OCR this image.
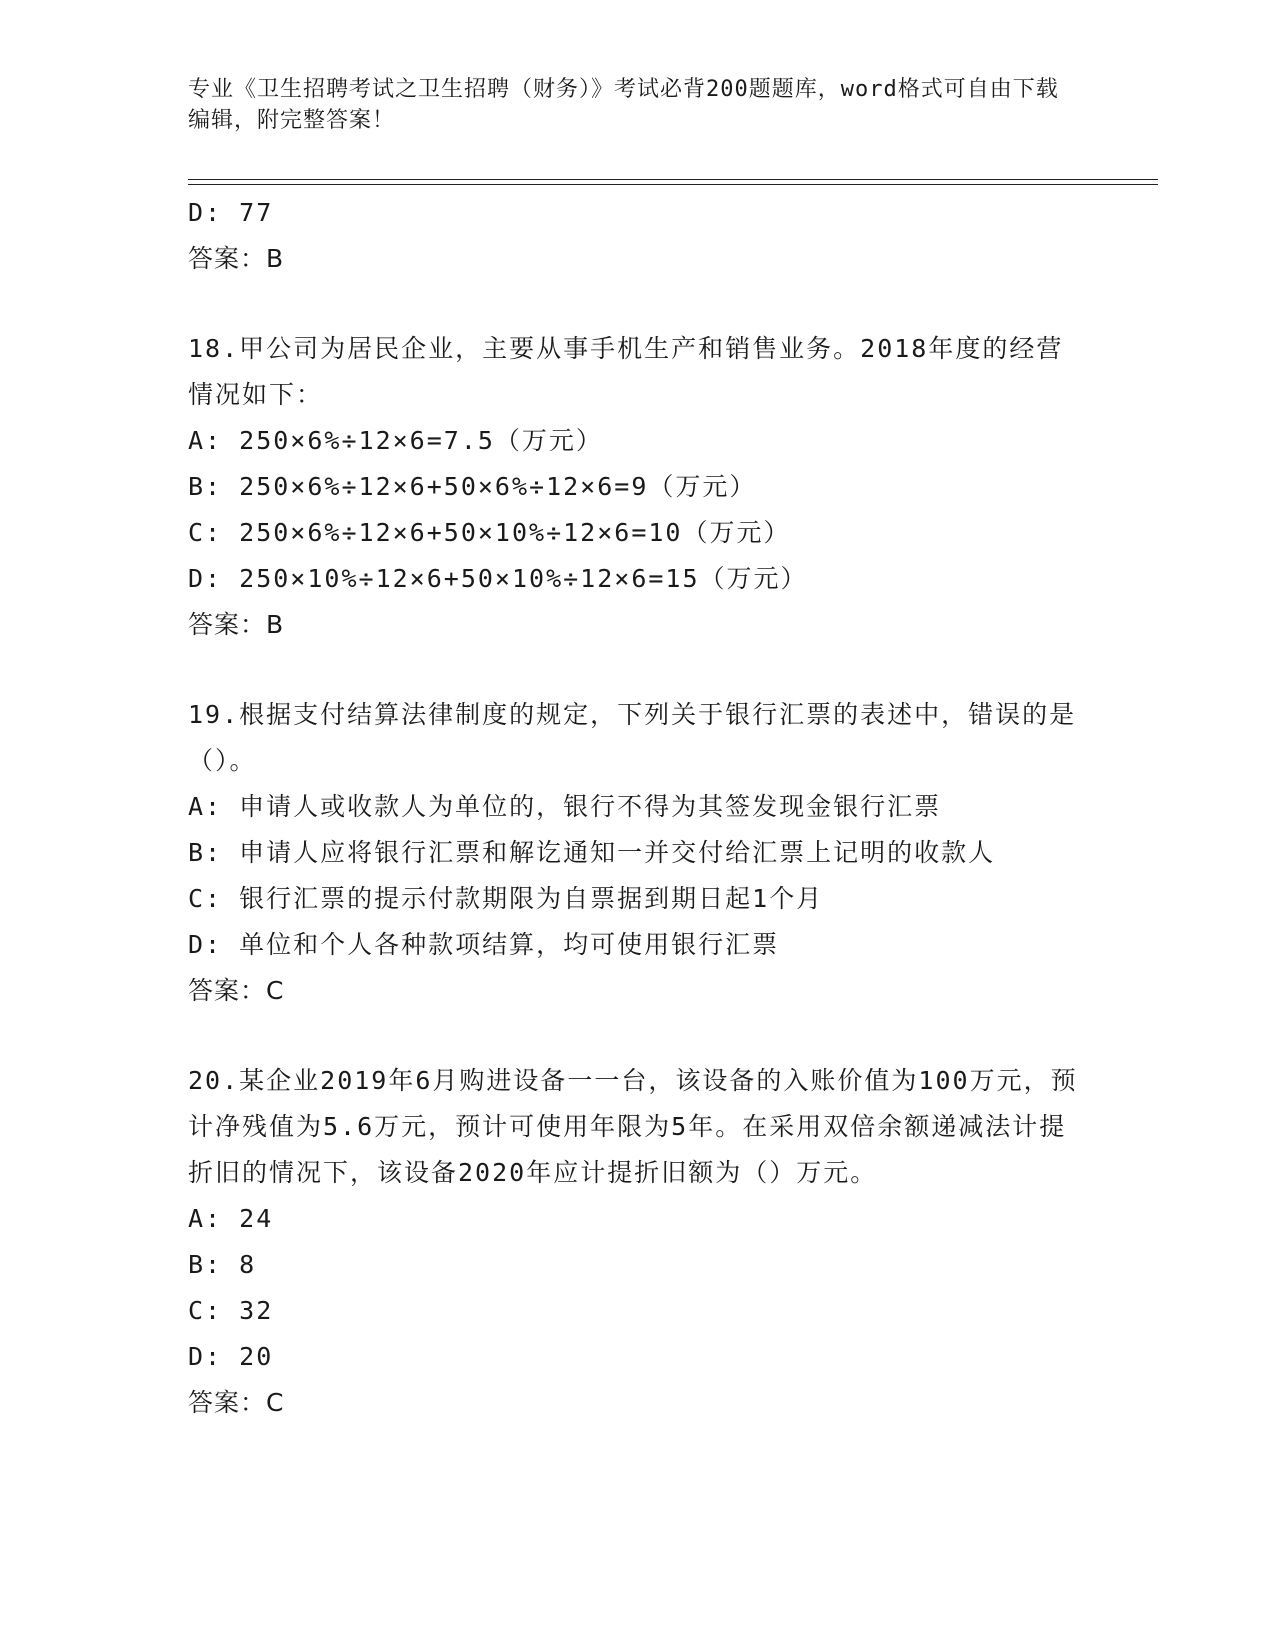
专业《卫生招聘考试之卫生招聘（财务）》考试必背200题题库，word格式可自由下载编辑，附完整答案！
D: 77
答案：B
18.甲公司为居民企业，主要从事手机生产和销售业务。2018年度的经营情况如下：
A: 250×6%÷12×6=7.5（万元）
B: 250×6%÷12×6+50×6%÷12×6=9（万元）
C: 250×6%÷12×6+50×10%÷12×6=10（万元）
D: 250×10%÷12×6+50×10%÷12×6=15（万元）
答案：B
19.根据支付结算法律制度的规定，下列关于银行汇票的表述中，错误的是（）。
A: 申请人或收款人为单位的，银行不得为其签发现金银行汇票
B: 申请人应将银行汇票和解讫通知一并交付给汇票上记明的收款人
C: 银行汇票的提示付款期限为自票据到期日起1个月
D: 单位和个人各种款项结算，均可使用银行汇票
答案：C
20.某企业2019年6月购进设备一一台，该设备的入账价值为100万元，预计净残值为5.6万元，预计可使用年限为5年。在采用双倍余额递减法计提折旧的情况下，该设备2020年应计提折旧额为（）万元。
A: 24
B: 8
C: 32
D: 20
答案：C
